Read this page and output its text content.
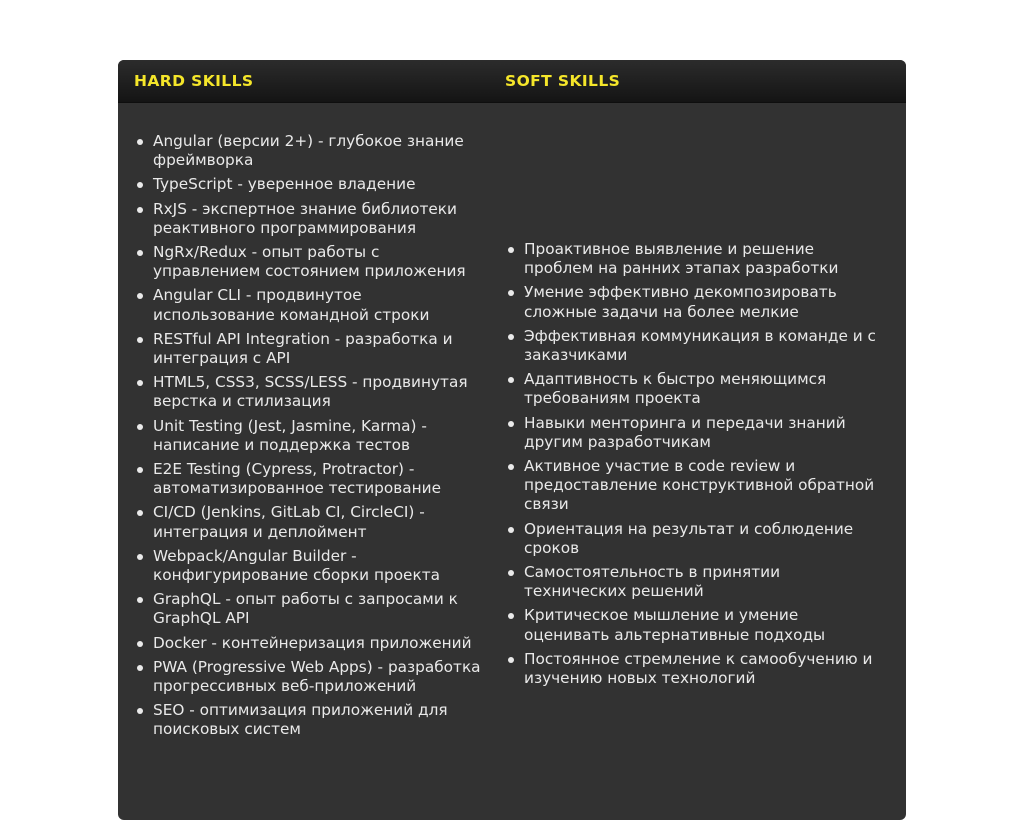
HARD SKILLS	SOFT SKILLS
Angular (версии 2+) - глубокое знание фреймворка
TypeScript - уверенное владение
RxJS - экспертное знание библиотеки реактивного программирования
NgRx/Redux - опыт работы с управлением состоянием приложения
Angular CLI - продвинутое использование командной строки
RESTful API Integration - разработка и интеграция с API
HTML5, CSS3, SCSS/LESS - продвинутая верстка и стилизация
Unit Testing (Jest, Jasmine, Karma) - написание и поддержка тестов
E2E Testing (Cypress, Protractor) - автоматизированное тестирование
CI/CD (Jenkins, GitLab CI, CircleCI) - интеграция и деплоймент
Webpack/Angular Builder - конфигурирование сборки проекта
GraphQL - опыт работы с запросами к GraphQL API
Docker - контейнеризация приложений
PWA (Progressive Web Apps) - разработка прогрессивных веб-приложений
SEO - оптимизация приложений для поисковых систем
Проактивное выявление и решение проблем на ранних этапах разработки
Умение эффективно декомпозировать сложные задачи на более мелкие
Эффективная коммуникация в команде и с заказчиками
Адаптивность к быстро меняющимся требованиям проекта
Навыки менторинга и передачи знаний другим разработчикам
Активное участие в code review и предоставление конструктивной обратной связи
Ориентация на результат и соблюдение сроков
Самостоятельность в принятии технических решений
Критическое мышление и умение оценивать альтернативные подходы
Постоянное стремление к самообучению и изучению новых технологий
